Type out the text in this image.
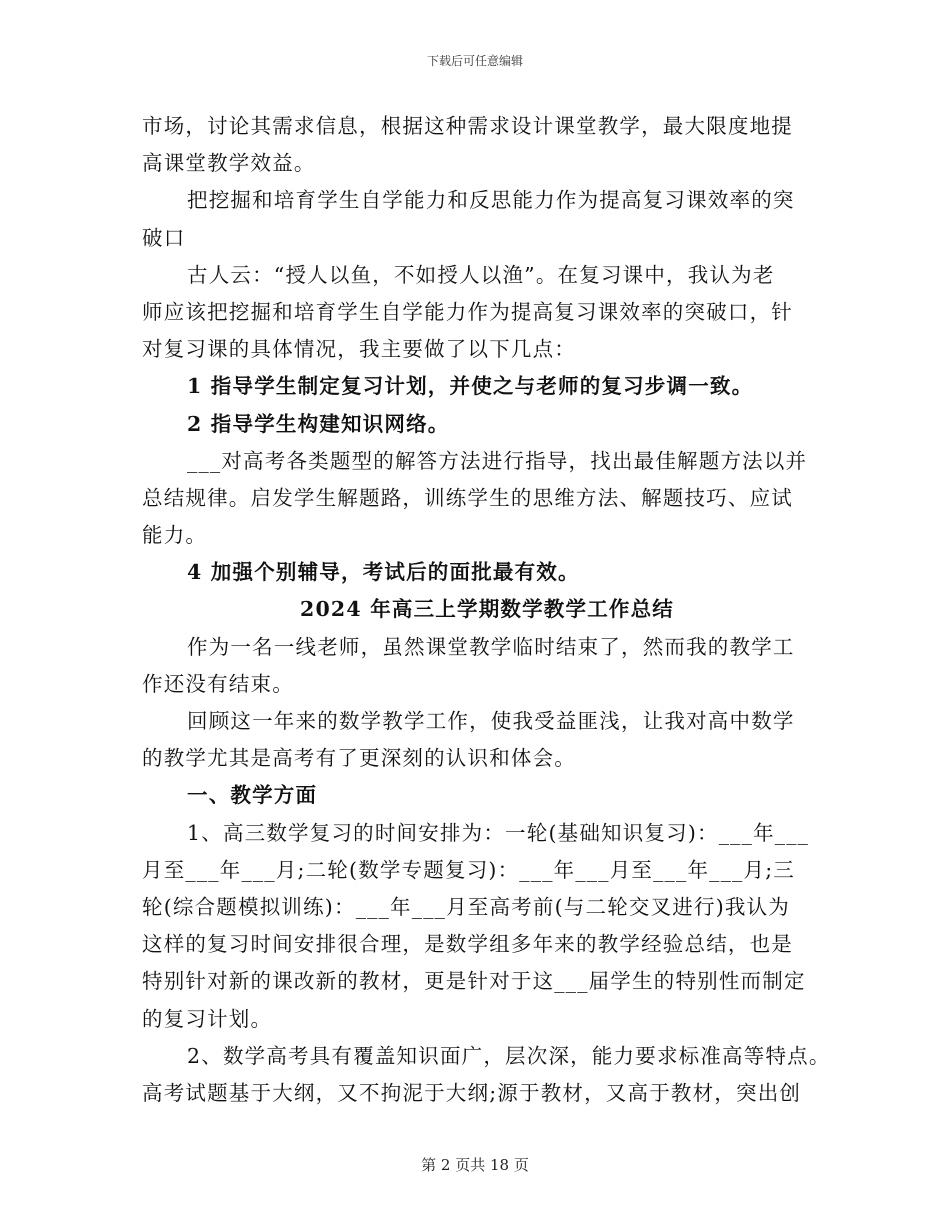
下载后可任意编辑
市场，讨论其需求信息，根据这种需求设计课堂教学，最大限度地提
高课堂教学效益。
把挖掘和培育学生自学能力和反思能力作为提高复习课效率的突
破口
古人云：“授人以鱼，不如授人以渔”。在复习课中，我认为老
师应该把挖掘和培育学生自学能力作为提高复习课效率的突破口，针
对复习课的具体情况，我主要做了以下几点：
1 指导学生制定复习计划，并使之与老师的复习步调一致。
2 指导学生构建知识网络。
___对高考各类题型的解答方法进行指导，找出最佳解题方法以并
总结规律。启发学生解题路，训练学生的思维方法、解题技巧、应试
能力。
4 加强个别辅导，考试后的面批最有效。
2024 年高三上学期数学教学工作总结
作为一名一线老师，虽然课堂教学临时结束了，然而我的教学工
作还没有结束。
回顾这一年来的数学教学工作，使我受益匪浅，让我对高中数学
的教学尤其是高考有了更深刻的认识和体会。
一、教学方面
1、高三数学复习的时间安排为：一轮(基础知识复习)：___年___
月至___年___月;二轮(数学专题复习)：___年___月至___年___月;三
轮(综合题模拟训练)：___年___月至高考前(与二轮交叉进行)我认为
这样的复习时间安排很合理，是数学组多年来的教学经验总结，也是
特别针对新的课改新的教材，更是针对于这___届学生的特别性而制定
的复习计划。
2、数学高考具有覆盖知识面广，层次深，能力要求标准高等特点。
高考试题基于大纲，又不拘泥于大纲;源于教材，又高于教材，突出创
第 2 页共 18 页
